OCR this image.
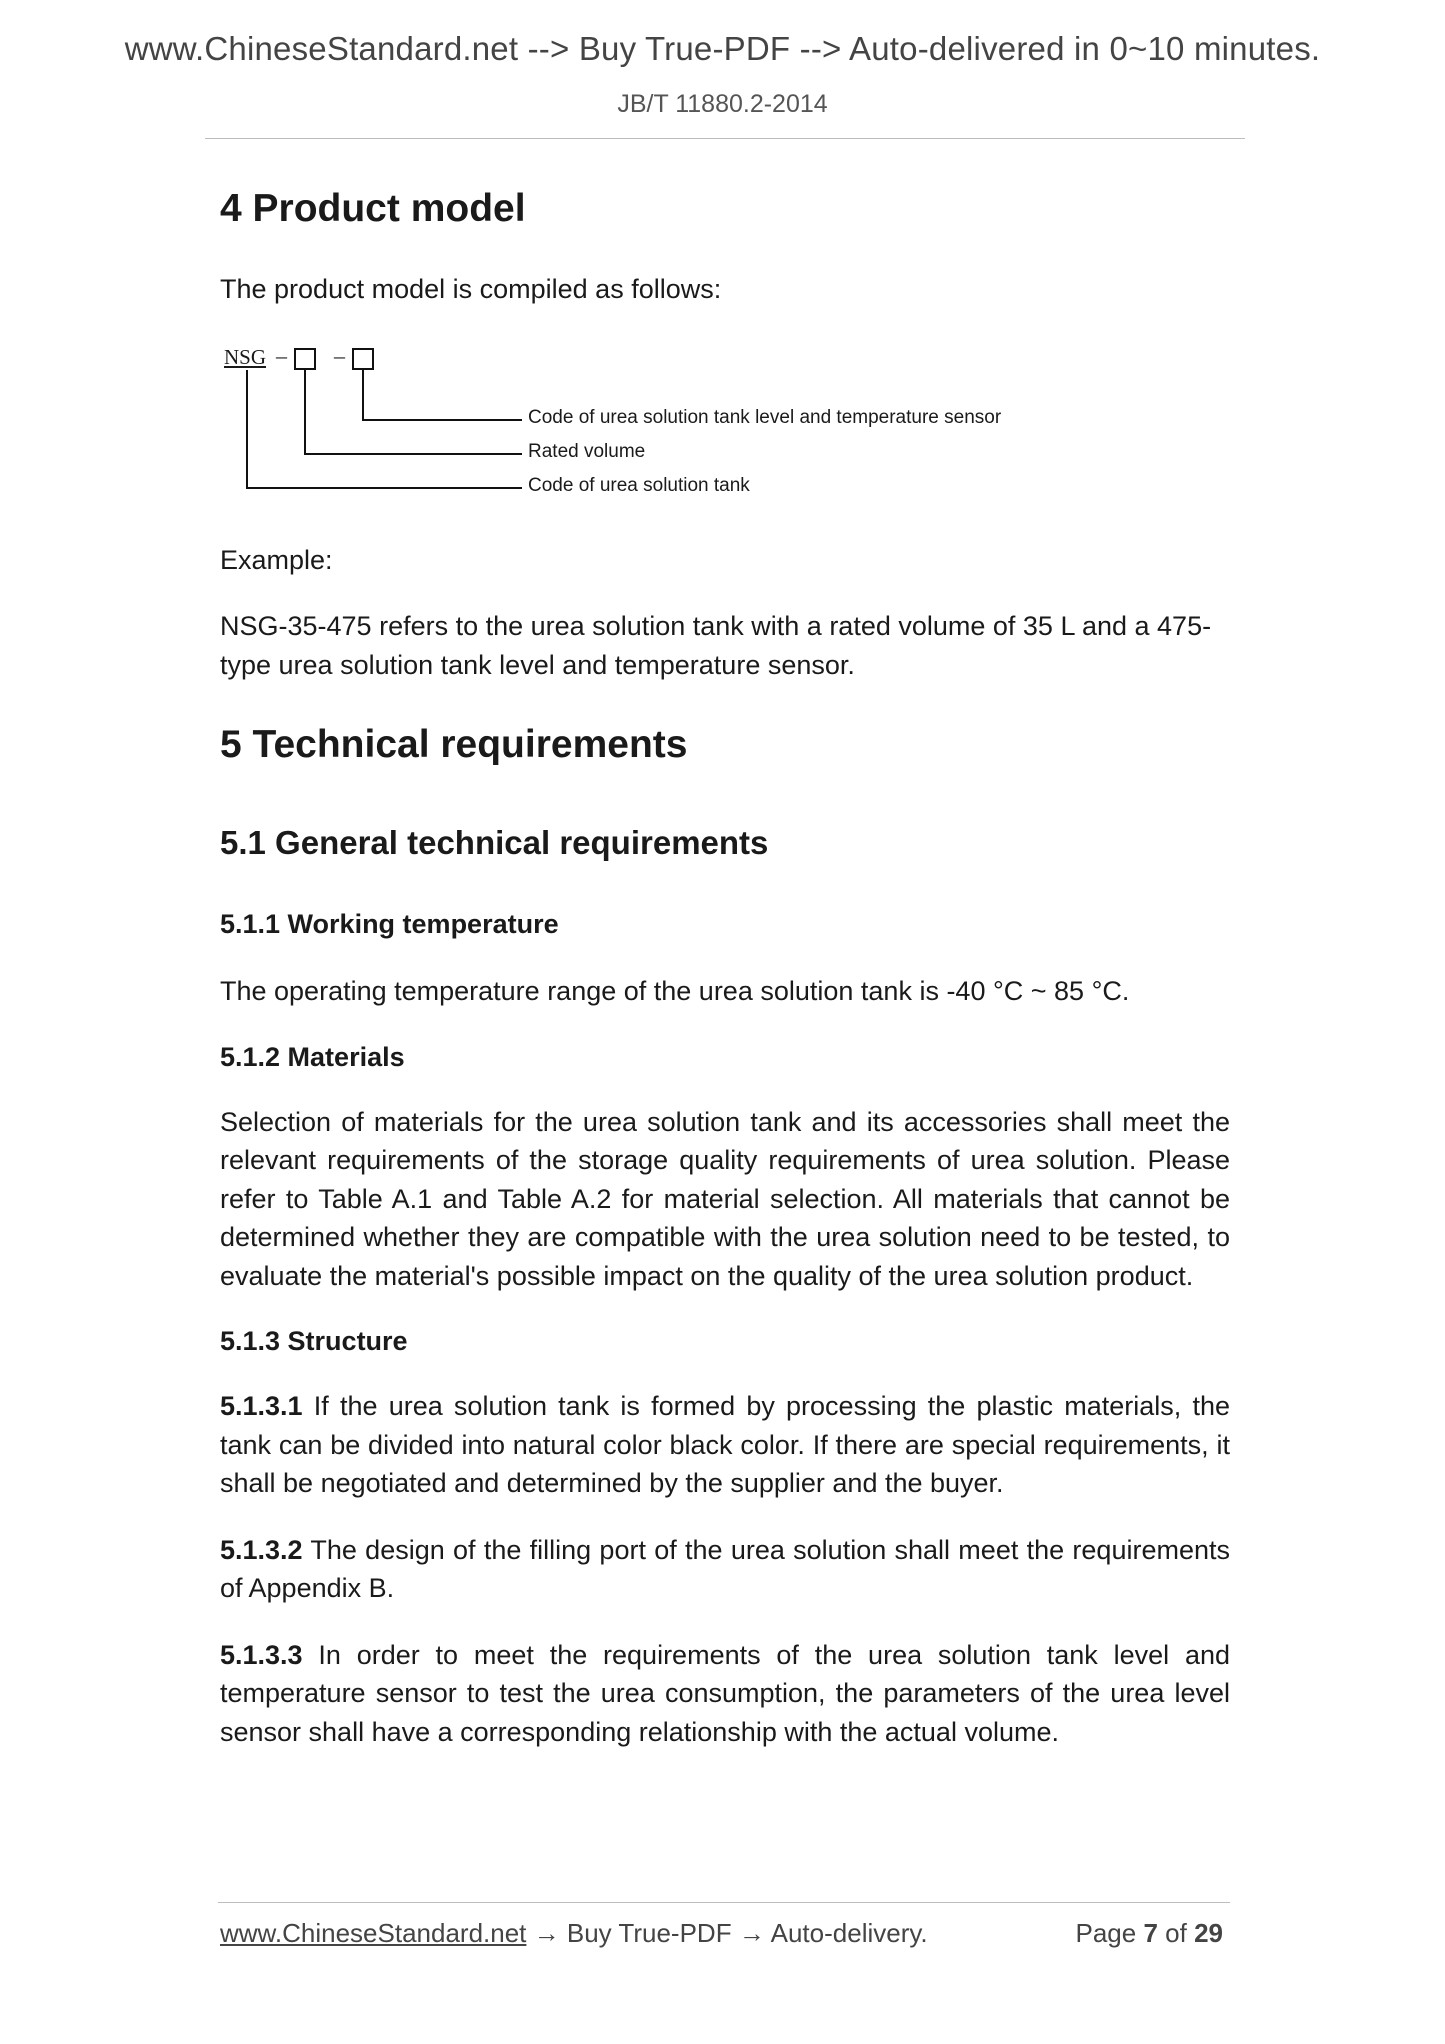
www.ChineseStandard.net --> Buy True-PDF --> Auto-delivered in 0~10 minutes.
JB/T 11880.2-2014
4 Product model

The product model is compiled as follows:

NSG – –
Code of urea solution tank level and temperature sensor
Rated volume
Code of urea solution tank

Example:

NSG-35-475 refers to the urea solution tank with a rated volume of 35 L and a 475-type urea solution tank level and temperature sensor.

5 Technical requirements
5.1 General technical requirements
5.1.1 Working temperature

The operating temperature range of the urea solution tank is -40 °C ~ 85 °C.

5.1.2 Materials

Selection of materials for the urea solution tank and its accessories shall meet the relevant requirements of the storage quality requirements of urea solution. Please refer to Table A.1 and Table A.2 for material selection. All materials that cannot be determined whether they are compatible with the urea solution need to be tested, to evaluate the material's possible impact on the quality of the urea solution product.

5.1.3 Structure

5.1.3.1 If the urea solution tank is formed by processing the plastic materials, the tank can be divided into natural color black color. If there are special requirements, it shall be negotiated and determined by the supplier and the buyer.

5.1.3.2 The design of the filling port of the urea solution shall meet the requirements of Appendix B.

5.1.3.3 In order to meet the requirements of the urea solution tank level and temperature sensor to test the urea consumption, the parameters of the urea level sensor shall have a corresponding relationship with the actual volume.

www.ChineseStandard.net → Buy True-PDF → Auto-delivery.	Page 7 of 29
